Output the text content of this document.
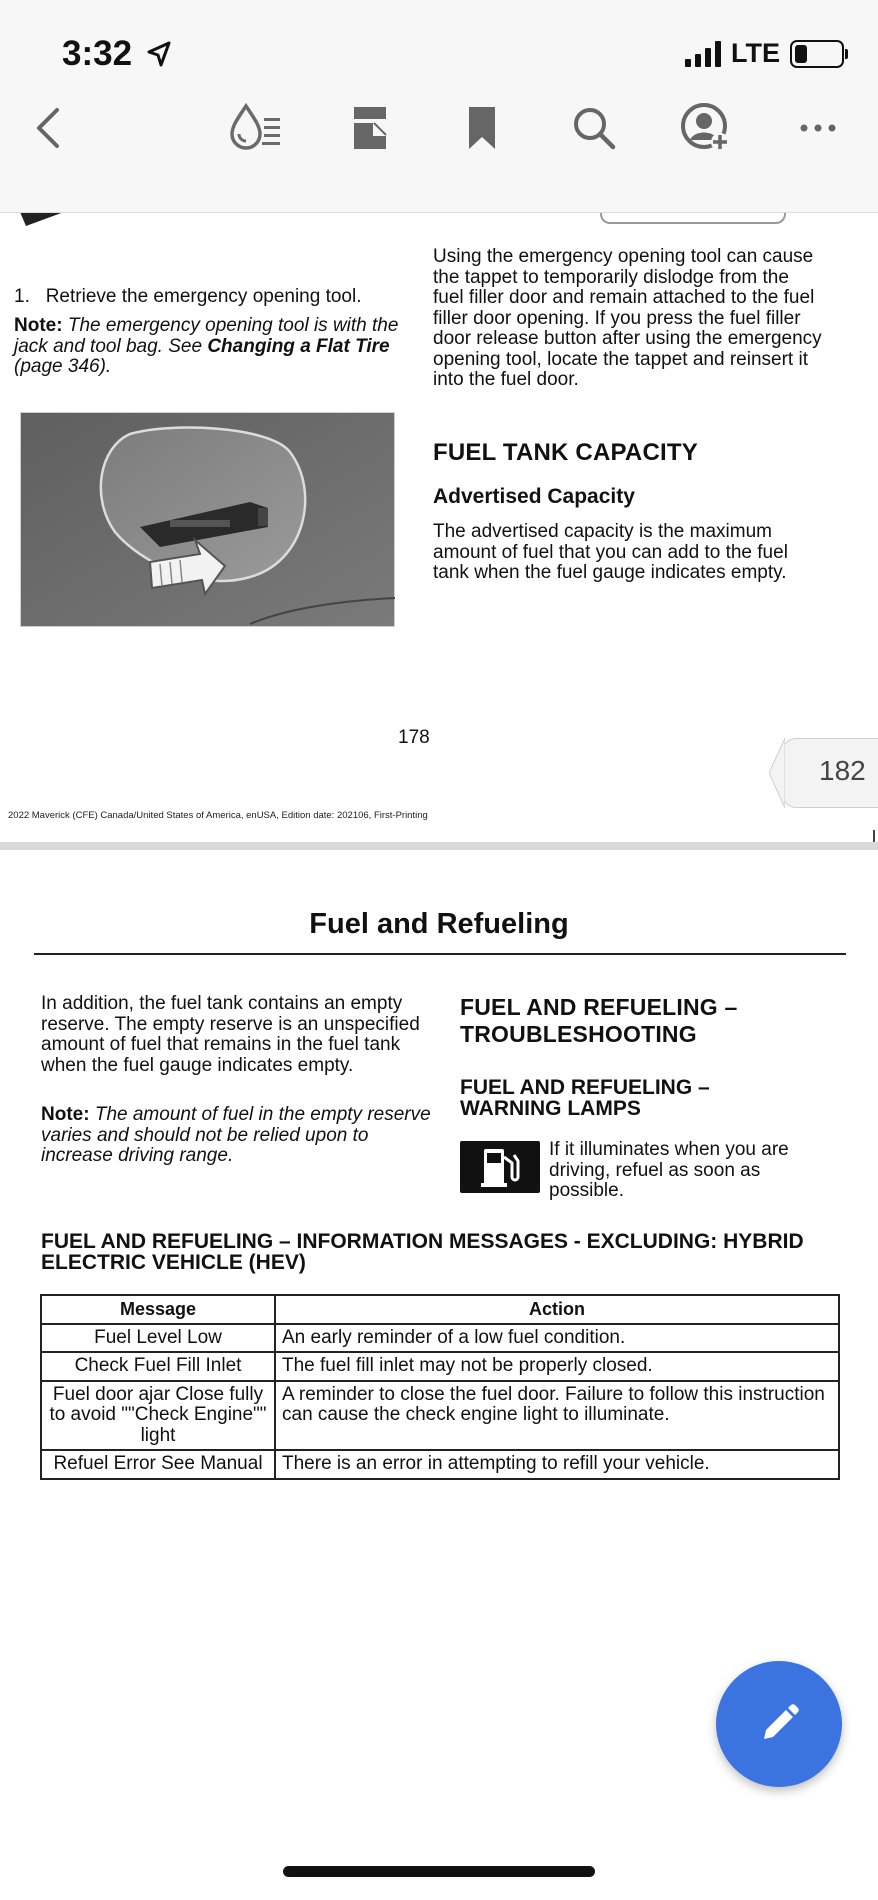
3:32	LTE
Using the emergency opening tool can cause the tappet to temporarily dislodge from the fuel filler door and remain attached to the fuel filler door opening. If you press the fuel filler door release button after using the emergency opening tool, locate the tappet and reinsert it into the fuel door.
1. Retrieve the emergency opening tool.
Note: The emergency opening tool is with the jack and tool bag. See Changing a Flat Tire (page 346).
FUEL TANK CAPACITY
Advertised Capacity
The advertised capacity is the maximum amount of fuel that you can add to the fuel tank when the fuel gauge indicates empty.
178
2022 Maverick (CFE) Canada/United States of America, enUSA, Edition date: 202106, First-Printing
182
Fuel and Refueling
In addition, the fuel tank contains an empty reserve. The empty reserve is an unspecified amount of fuel that remains in the fuel tank when the fuel gauge indicates empty.
Note: The amount of fuel in the empty reserve varies and should not be relied upon to increase driving range.
FUEL AND REFUELING – TROUBLESHOOTING
FUEL AND REFUELING – WARNING LAMPS
If it illuminates when you are driving, refuel as soon as possible.
FUEL AND REFUELING – INFORMATION MESSAGES - EXCLUDING: HYBRID ELECTRIC VEHICLE (HEV)
Message	Action
Fuel Level Low	An early reminder of a low fuel condition.
Check Fuel Fill Inlet	The fuel fill inlet may not be properly closed.
Fuel door ajar Close fully to avoid ""Check Engine"" light	A reminder to close the fuel door. Failure to follow this instruction can cause the check engine light to illuminate.
Refuel Error See Manual	There is an error in attempting to refill your vehicle.
